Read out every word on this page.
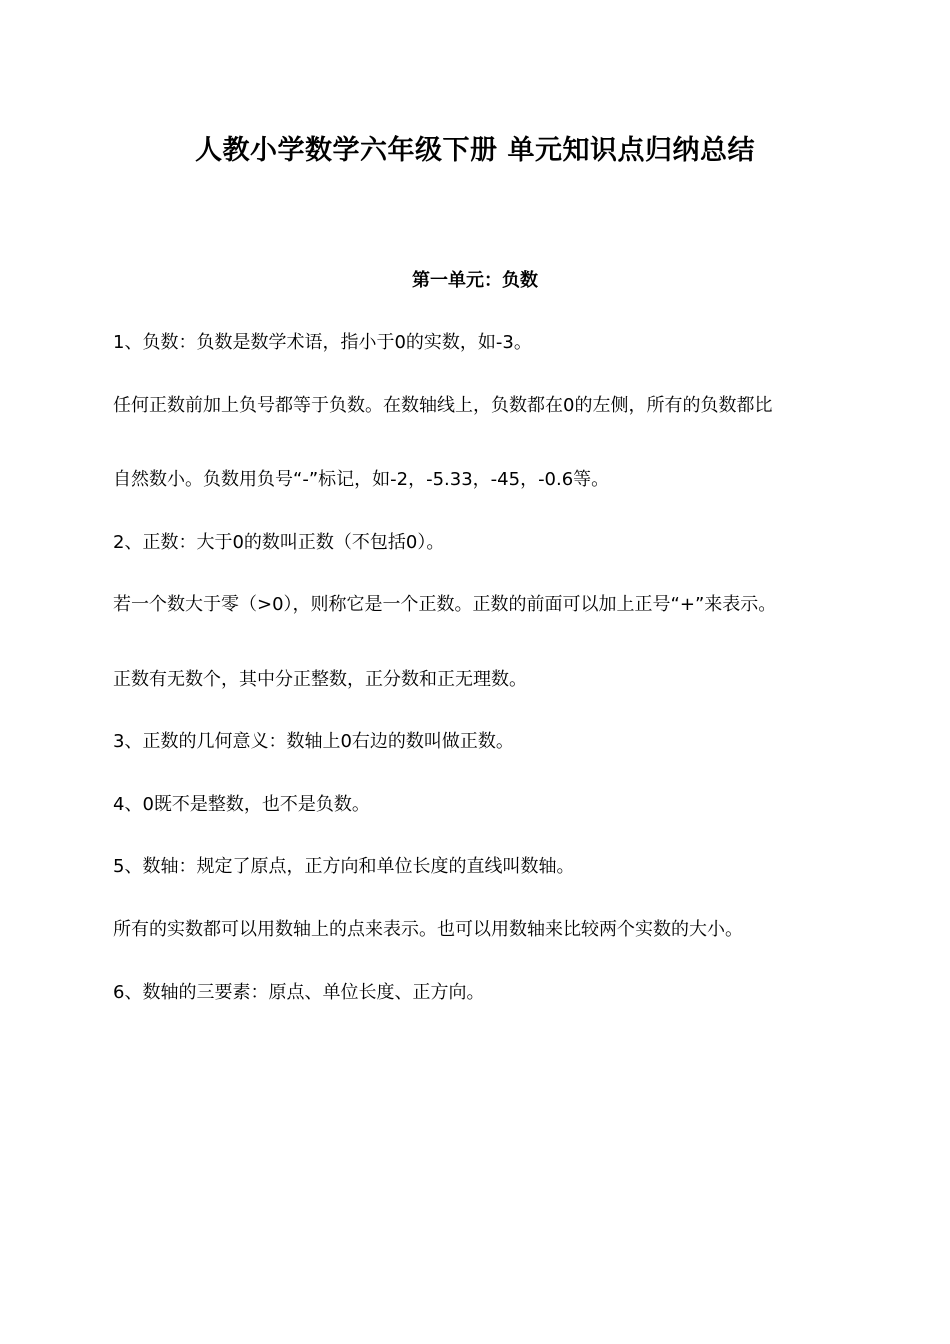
人教小学数学六年级下册 单元知识点归纳总结
第一单元：负数

1、负数：负数是数学术语，指小于0的实数，如-3。

任何正数前加上负号都等于负数。在数轴线上，负数都在0的左侧，所有的负数都比

自然数小。负数用负号“-”标记，如-2，-5.33，-45，-0.6等。

2、正数：大于0的数叫正数（不包括0）。

若一个数大于零（>0），则称它是一个正数。正数的前面可以加上正号“+”来表示。

正数有无数个，其中分正整数，正分数和正无理数。

3、正数的几何意义：数轴上0右边的数叫做正数。

4、0既不是整数，也不是负数。

5、数轴：规定了原点，正方向和单位长度的直线叫数轴。

所有的实数都可以用数轴上的点来表示。也可以用数轴来比较两个实数的大小。

6、数轴的三要素：原点、单位长度、正方向。
